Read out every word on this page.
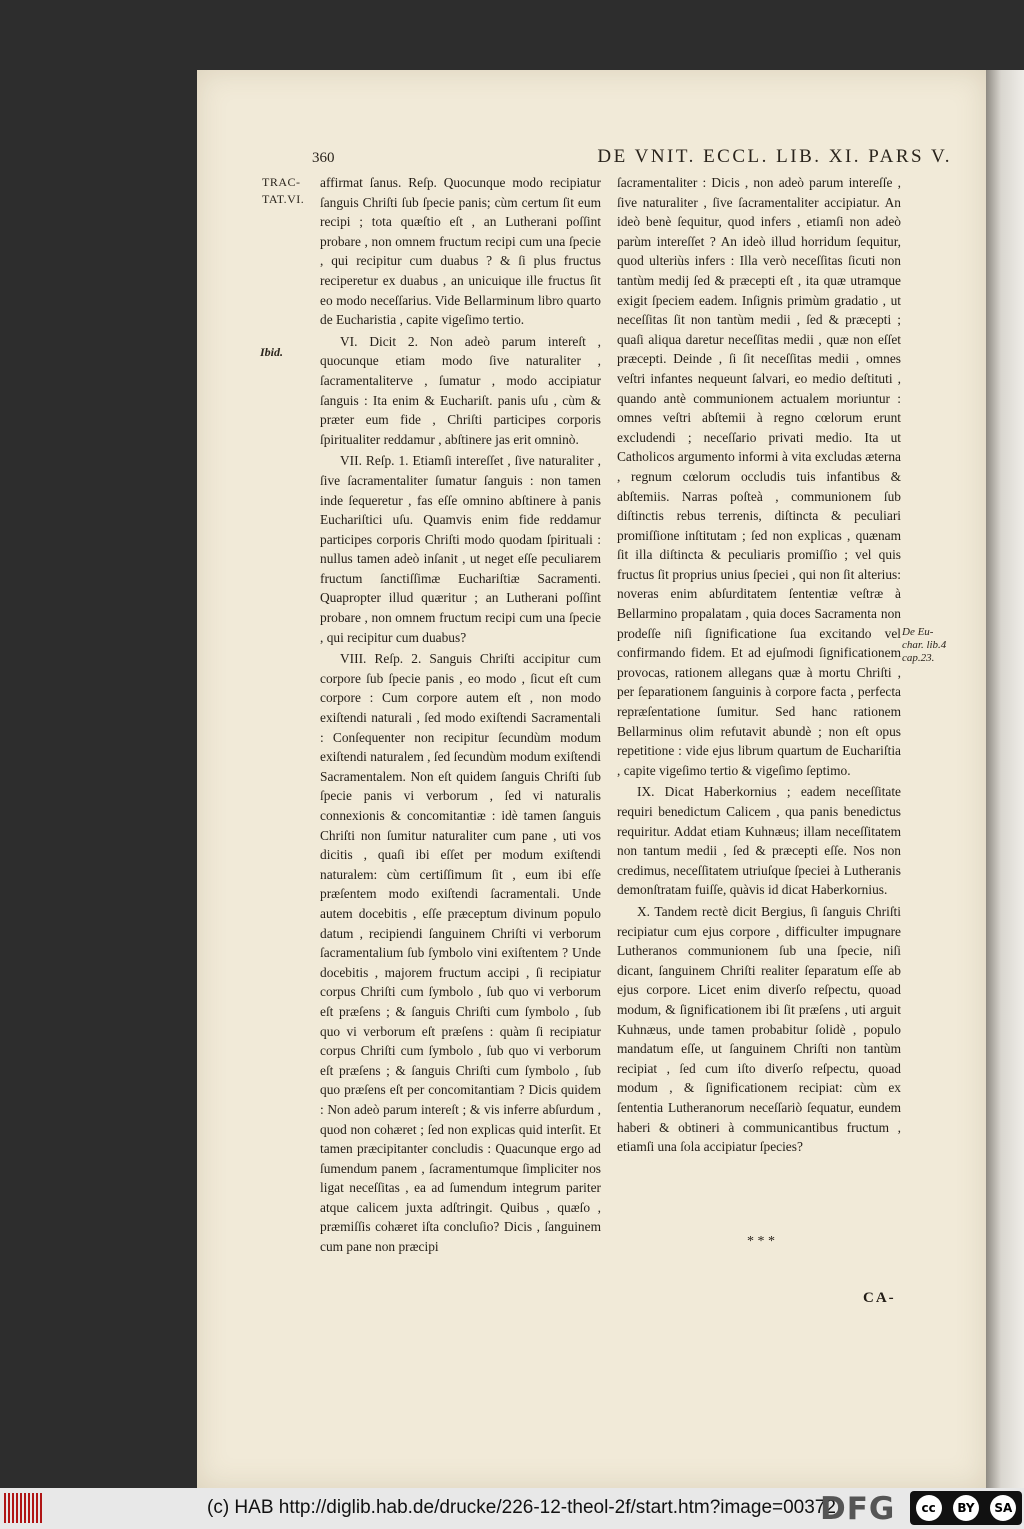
360	DE VNIT. ECCL. LIB. XI. PARS V.
TRAC-
TAT.VI.
Ibid.
De Eu-
char. lib.4
cap.23.

affirmat ſanus. Reſp. Quocunque modo recipiatur ſanguis Chriſti ſub ſpecie panis; cùm certum ſit eum recipi ; tota quæſtio eſt , an Lutherani poſſint probare , non omnem fructum recipi cum una ſpecie , qui recipitur cum duabus ? & ſi plus fructus reciperetur ex duabus , an unicuique ille fructus ſit eo modo neceſſarius. Vide Bellarminum libro quarto de Eucharistia , capite vigeſimo tertio.

VI. Dicit 2. Non adeò parum intereſt , quocunque etiam modo ſive naturaliter , ſacramentaliterve , ſumatur , modo accipiatur ſanguis : Ita enim & Euchariſt. panis uſu , cùm & præter eum fide , Chriſti participes corporis ſpiritualiter reddamur , abſtinere jas erit omninò.

VII. Reſp. 1. Etiamſi intereſſet , ſive naturaliter , ſive ſacramentaliter ſumatur ſanguis : non tamen inde ſequeretur , fas eſſe omnino abſtinere à panis Euchariſtici uſu. Quamvis enim fide reddamur participes corporis Chriſti modo quodam ſpirituali : nullus tamen adeò inſanit , ut neget eſſe peculiarem fructum ſanctiſſimæ Euchariſtiæ Sacramenti. Quapropter illud quæritur ; an Lutherani poſſint probare , non omnem fructum recipi cum una ſpecie , qui recipitur cum duabus?

VIII. Reſp. 2. Sanguis Chriſti accipitur cum corpore ſub ſpecie panis , eo modo , ſicut eſt cum corpore : Cum corpore autem eſt , non modo exiſtendi naturali , ſed modo exiſtendi Sacramentali : Conſequenter non recipitur ſecundùm modum exiſtendi naturalem , ſed ſecundùm modum exiſtendi Sacramentalem. Non eſt quidem ſanguis Chriſti ſub ſpecie panis vi verborum , ſed vi naturalis connexionis & concomitantiæ : idè tamen ſanguis Chriſti non ſumitur naturaliter cum pane , uti vos dicitis , quaſi ibi eſſet per modum exiſtendi naturalem: cùm certiſſimum ſit , eum ibi eſſe præſentem modo exiſtendi ſacramentali. Unde autem docebitis , eſſe præceptum divinum populo datum , recipiendi ſanguinem Chriſti vi verborum ſacramentalium ſub ſymbolo vini exiſtentem ? Unde docebitis , majorem fructum accipi , ſi recipiatur corpus Chriſti cum ſymbolo , ſub quo vi verborum eſt præſens ; & ſanguis Chriſti cum ſymbolo , ſub quo vi verborum eſt præſens : quàm ſi recipiatur corpus Chriſti cum ſymbolo , ſub quo vi verborum eſt præſens ; & ſanguis Chriſti cum ſymbolo , ſub quo præſens eſt per concomitantiam ? Dicis quidem : Non adeò parum intereſt ; & vis inferre abſurdum , quod non cohæret ; ſed non explicas quid interſit. Et tamen præcipitanter concludis : Quacunque ergo ad ſumendum panem , ſacramentumque ſimpliciter nos ligat neceſſitas , ea ad ſumendum integrum pariter atque calicem juxta adſtringit. Quibus , quæſo , præmiſſis cohæret iſta concluſio? Dicis , ſanguinem cum pane non præcipi

ſacramentaliter : Dicis , non adeò parum intereſſe , ſive naturaliter , ſive ſacramentaliter accipiatur. An ideò benè ſequitur, quod infers , etiamſi non adeò parùm intereſſet ? An ideò illud horridum ſequitur, quod ulteriùs infers : Illa verò neceſſitas ſicuti non tantùm medij ſed & præcepti eſt , ita quæ utramque exigit ſpeciem eadem. Inſignis primùm gradatio , ut neceſſitas ſit non tantùm medii , ſed & præcepti ; quaſi aliqua daretur neceſſitas medii , quæ non eſſet præcepti. Deinde , ſi ſit neceſſitas medii , omnes veſtri infantes nequeunt ſalvari, eo medio deſtituti , quando antè communionem actualem moriuntur : omnes veſtri abſtemii à regno cœlorum erunt excludendi ; neceſſario privati medio. Ita ut Catholicos argumento informi à vita excludas æterna , regnum cœlorum occludis tuis infantibus & abſtemiis. Narras poſteà , communionem ſub diſtinctis rebus terrenis, diſtincta & peculiari promiſſione inſtitutam ; ſed non explicas , quænam ſit illa diſtincta & peculiaris promiſſio ; vel quis fructus ſit proprius unius ſpeciei , qui non ſit alterius: noveras enim abſurditatem ſententiæ veſtræ à Bellarmino propalatam , quia doces Sacramenta non prodeſſe niſi ſignificatione ſua excitando vel confirmando fidem. Et ad ejuſmodi ſignificationem provocas, rationem allegans quæ à mortu Chriſti , per ſeparationem ſanguinis à corpore facta , perfecta repræſentatione ſumitur. Sed hanc rationem Bellarminus olim refutavit abundè ; non eſt opus repetitione : vide ejus librum quartum de Euchariſtia , capite vigeſimo tertio & vigeſimo ſeptimo.

IX. Dicat Haberkornius ; eadem neceſſitate requiri benedictum Calicem , qua panis benedictus requiritur. Addat etiam Kuhnæus; illam neceſſitatem non tantum medii , ſed & præcepti eſſe. Nos non credimus, neceſſitatem utriuſque ſpeciei à Lutheranis demonſtratam fuiſſe, quàvis id dicat Haberkornius.

X. Tandem rectè dicit Bergius, ſi ſanguis Chriſti recipiatur cum ejus corpore , difficulter impugnare Lutheranos communionem ſub una ſpecie, niſi dicant, ſanguinem Chriſti realiter ſeparatum eſſe ab ejus corpore. Licet enim diverſo reſpectu, quoad modum, & ſignificationem ibi ſit præſens , uti arguit Kuhnæus, unde tamen probabitur ſolidè , populo mandatum eſſe, ut ſanguinem Chriſti non tantùm recipiat , ſed cum iſto diverſo reſpectu, quoad modum , & ſignificationem recipiat: cùm ex ſententia Lutheranorum neceſſariò ſequatur, eundem haberi & obtineri à communicantibus fructum , etiamſi una ſola accipiatur ſpecies?

* * *
CA-
(c) HAB http://diglib.hab.de/drucke/226-12-theol-2f/start.htm?image=00372
DFG	cc	BY	SA
